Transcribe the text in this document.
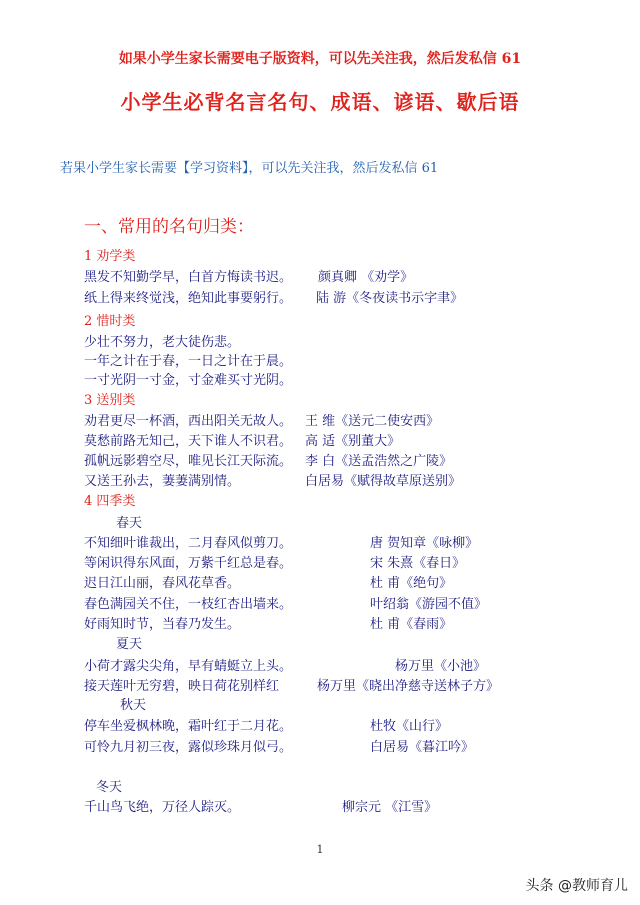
如果小学生家长需要电子版资料，可以先关注我，然后发私信 61
小学生必背名言名句、成语、谚语、歇后语
若果小学生家长需要【学习资料】，可以先关注我，然后发私信 61
一、常用的名句归类：
1 劝学类
2 惜时类
3 送别类
4 四季类
春天
夏天
秋天
冬天
黑发不知勤学早，白首方悔读书迟。 颜真卿 《劝学》
纸上得来终觉浅，绝知此事要躬行。 陆 游《冬夜读书示字聿》
少壮不努力，老大徒伤悲。
一年之计在于春，一日之计在于晨。
一寸光阴一寸金，寸金难买寸光阴。
劝君更尽一杯酒，西出阳关无故人。 王 维《送元二使安西》
莫愁前路无知己，天下谁人不识君。 高 适《别董大》
孤帆远影碧空尽，唯见长江天际流。 李 白《送孟浩然之广陵》
又送王孙去，萋萋满别情。	白居易《赋得故草原送别》
不知细叶谁裁出，二月春风似剪刀。	唐 贺知章《咏柳》
等闲识得东风面，万紫千红总是春。	宋 朱熹《春日》
迟日江山丽，春风花草香。	杜 甫《绝句》
春色满园关不住，一枝红杏出墙来。	叶绍翁《游园不值》
好雨知时节，当春乃发生。	杜 甫《春雨》
小荷才露尖尖角，早有蜻蜓立上头。	杨万里《小池》
接天莲叶无穷碧，映日荷花别样红	杨万里《晓出净慈寺送林子方》
停车坐爱枫林晚，霜叶红于二月花。	杜牧《山行》
可怜九月初三夜，露似珍珠月似弓。	白居易《暮江吟》
千山鸟飞绝，万径人踪灭。	柳宗元 《江雪》
1
头条 @教师育儿
